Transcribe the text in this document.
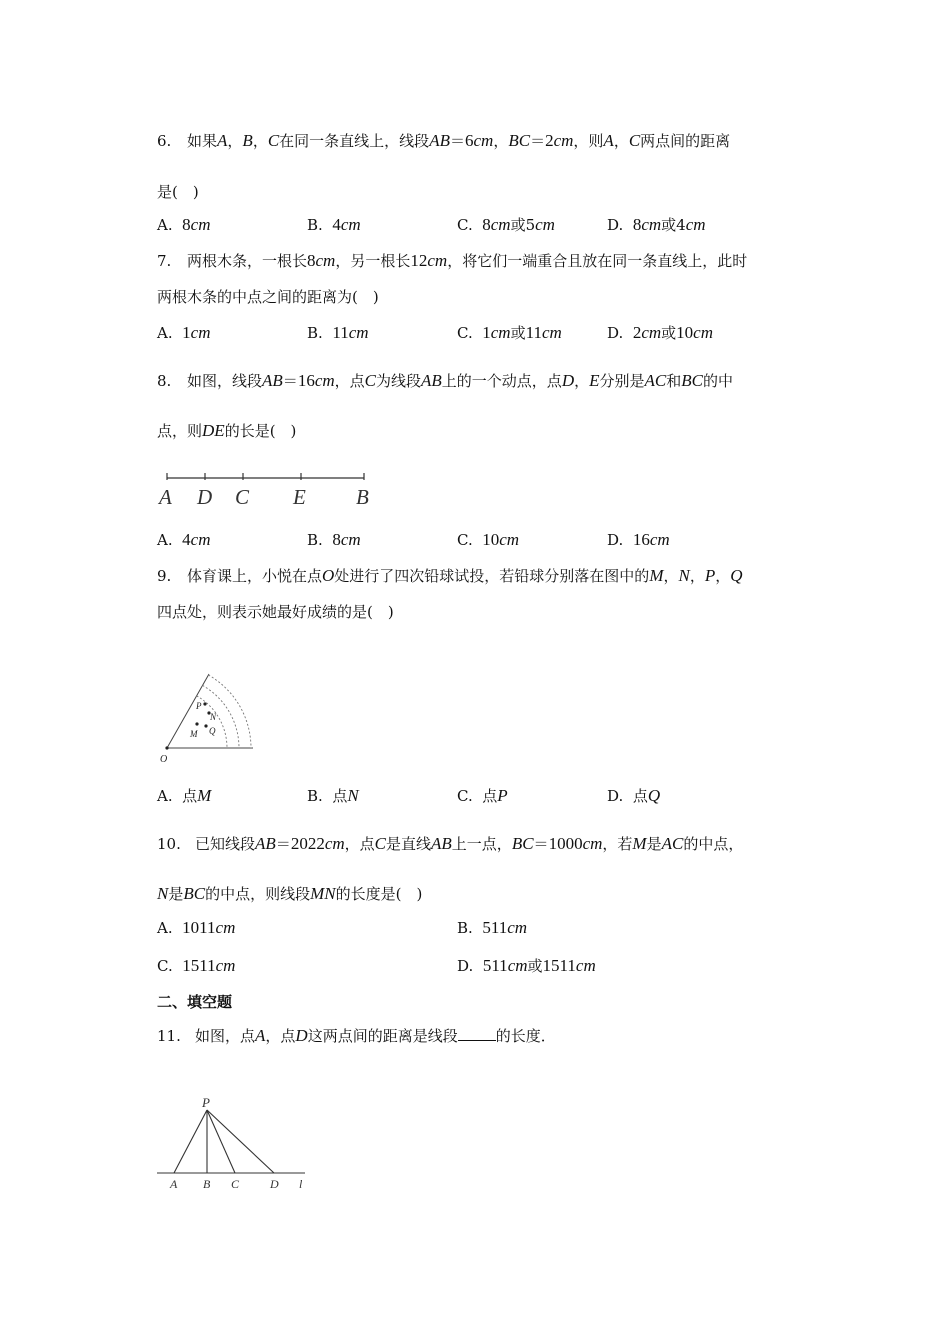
6. 如果A，B，C在同一条直线上，线段AB＝6cm，BC＝2cm，则A，C两点间的距离
是(　)
A. 8cm	B. 4cm	C. 8cm或5cm	D. 8cm或4cm
7. 两根木条，一根长8cm，另一根长12cm，将它们一端重合且放在同一条直线上，此时
两根木条的中点之间的距离为(　)
A. 1cm	B. 11cm	C. 1cm或11cm	D. 2cm或10cm
8. 如图，线段AB＝16cm，点C为线段AB上的一个动点，点D，E分别是AC和BC的中
点，则DE的长是(　)
A D C E B
A. 4cm	B. 8cm	C. 10cm	D. 16cm
9. 体育课上，小悦在点O处进行了四次铅球试投，若铅球分别落在图中的M，N，P，Q
四点处，则表示她最好成绩的是(　)
O
P
N
M Q
A. 点M	B. 点N	C. 点P	D. 点Q
10. 已知线段AB＝2022cm，点C是直线AB上一点，BC＝1000cm，若M是AC的中点，
N是BC的中点，则线段MN的长度是(　)
A. 1011cm	B. 511cm
C. 1511cm	D. 511cm或1511cm
二、填空题
11. 如图，点A，点D这两点间的距离是线段	的长度．
P
A B C	D l
